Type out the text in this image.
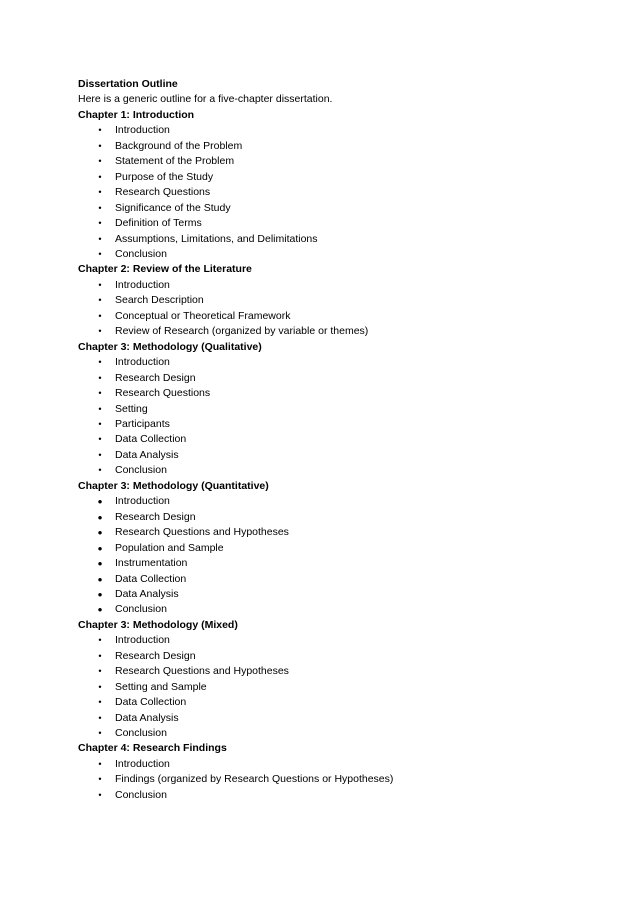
Dissertation Outline

Here is a generic outline for a five-chapter dissertation.

Chapter 1: Introduction

• Introduction
• Background of the Problem
• Statement of the Problem
• Purpose of the Study
• Research Questions
• Significance of the Study
• Definition of Terms
• Assumptions, Limitations, and Delimitations
• Conclusion

Chapter 2: Review of the Literature

• Introduction
• Search Description
• Conceptual or Theoretical Framework
• Review of Research (organized by variable or themes)

Chapter 3: Methodology (Qualitative)

• Introduction
• Research Design
• Research Questions
• Setting
• Participants
• Data Collection
• Data Analysis
• Conclusion

Chapter 3: Methodology (Quantitative)

• Introduction
• Research Design
• Research Questions and Hypotheses
• Population and Sample
• Instrumentation
• Data Collection
• Data Analysis
• Conclusion

Chapter 3: Methodology (Mixed)

• Introduction
• Research Design
• Research Questions and Hypotheses
• Setting and Sample
• Data Collection
• Data Analysis
• Conclusion

Chapter 4: Research Findings

• Introduction
• Findings (organized by Research Questions or Hypotheses)
• Conclusion
